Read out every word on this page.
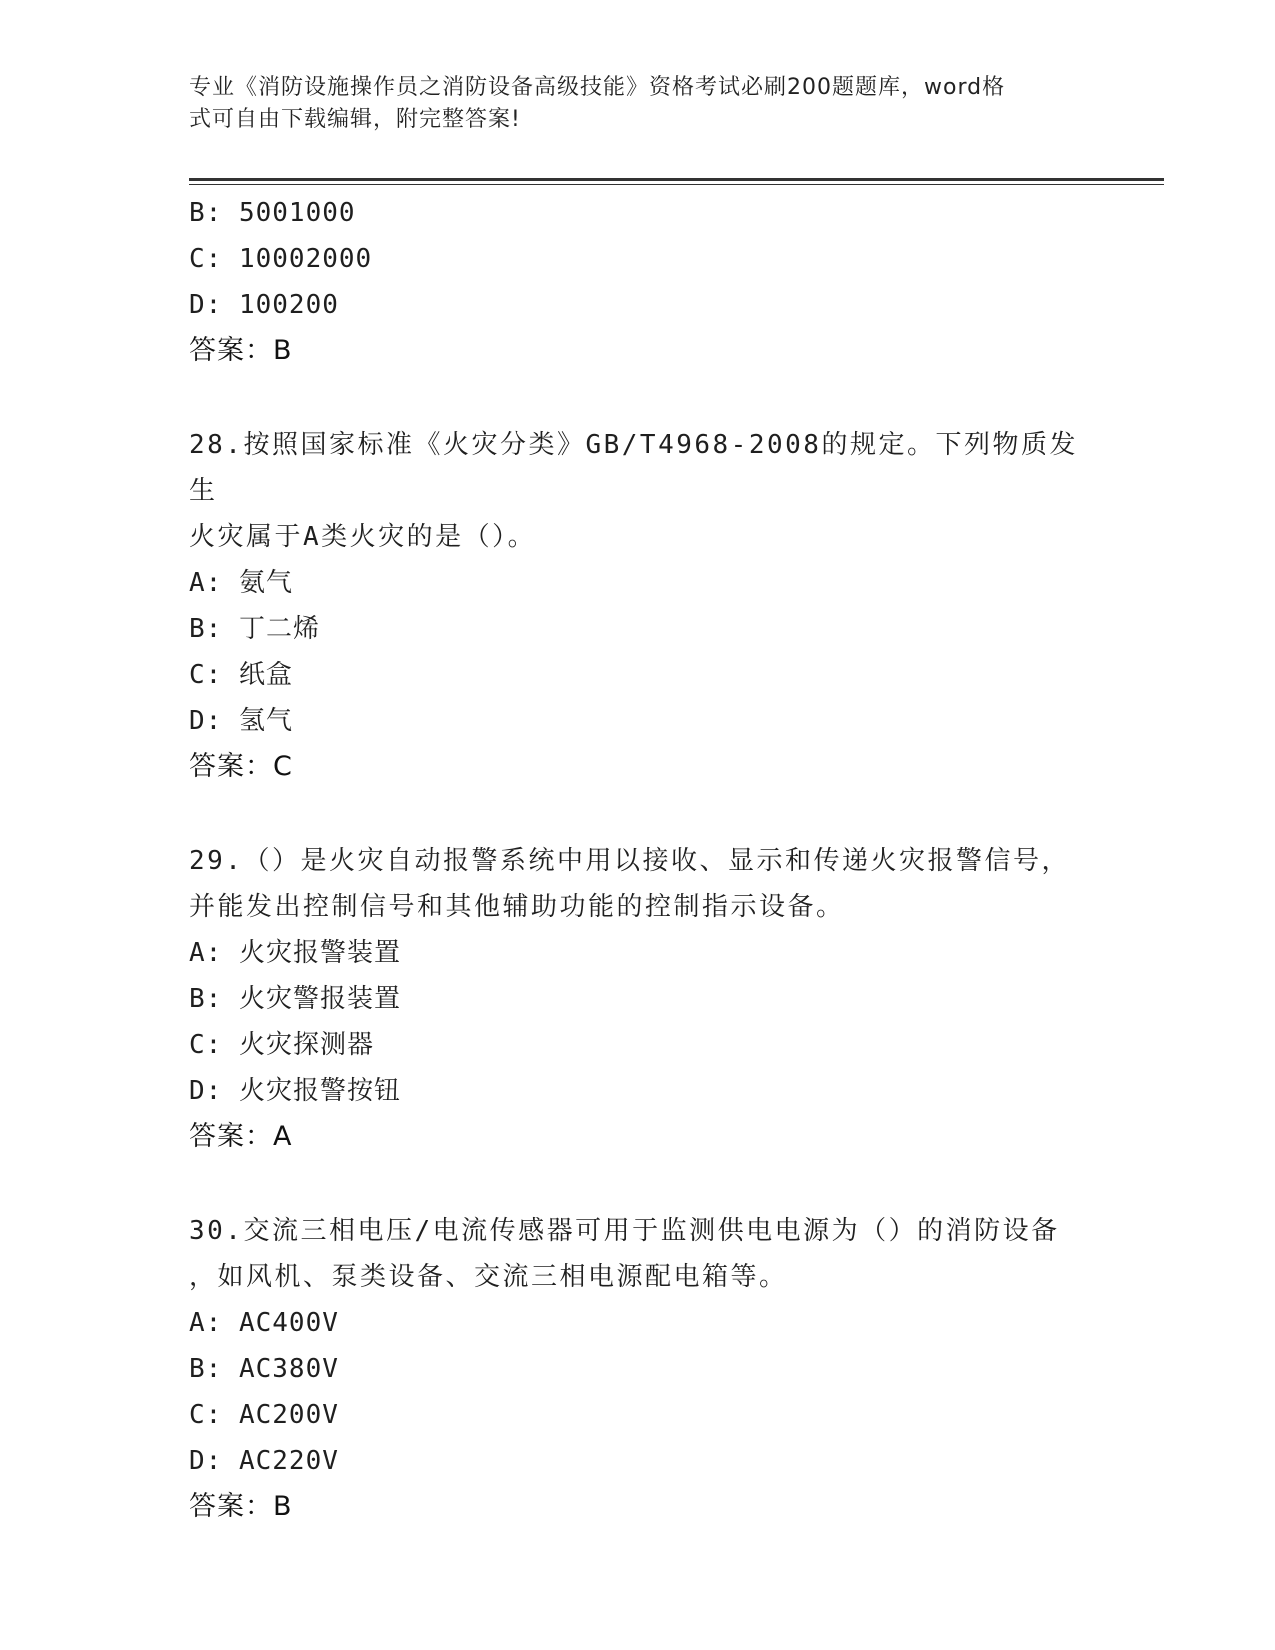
专业《消防设施操作员之消防设备高级技能》资格考试必刷200题题库，word格
式可自由下载编辑，附完整答案!
B: 5001000
C: 10002000
D: 100200
答案：B
28.按照国家标准《火灾分类》GB/T4968-2008的规定。下列物质发生
火灾属于A类火灾的是（）。
A: 氨气
B: 丁二烯
C: 纸盒
D: 氢气
答案：C
29.（）是火灾自动报警系统中用以接收、显示和传递火灾报警信号，
并能发出控制信号和其他辅助功能的控制指示设备。
A: 火灾报警装置
B: 火灾警报装置
C: 火灾探测器
D: 火灾报警按钮
答案：A
30.交流三相电压/电流传感器可用于监测供电电源为（）的消防设备
，如风机、泵类设备、交流三相电源配电箱等。
A: AC400V
B: AC380V
C: AC200V
D: AC220V
答案：B
